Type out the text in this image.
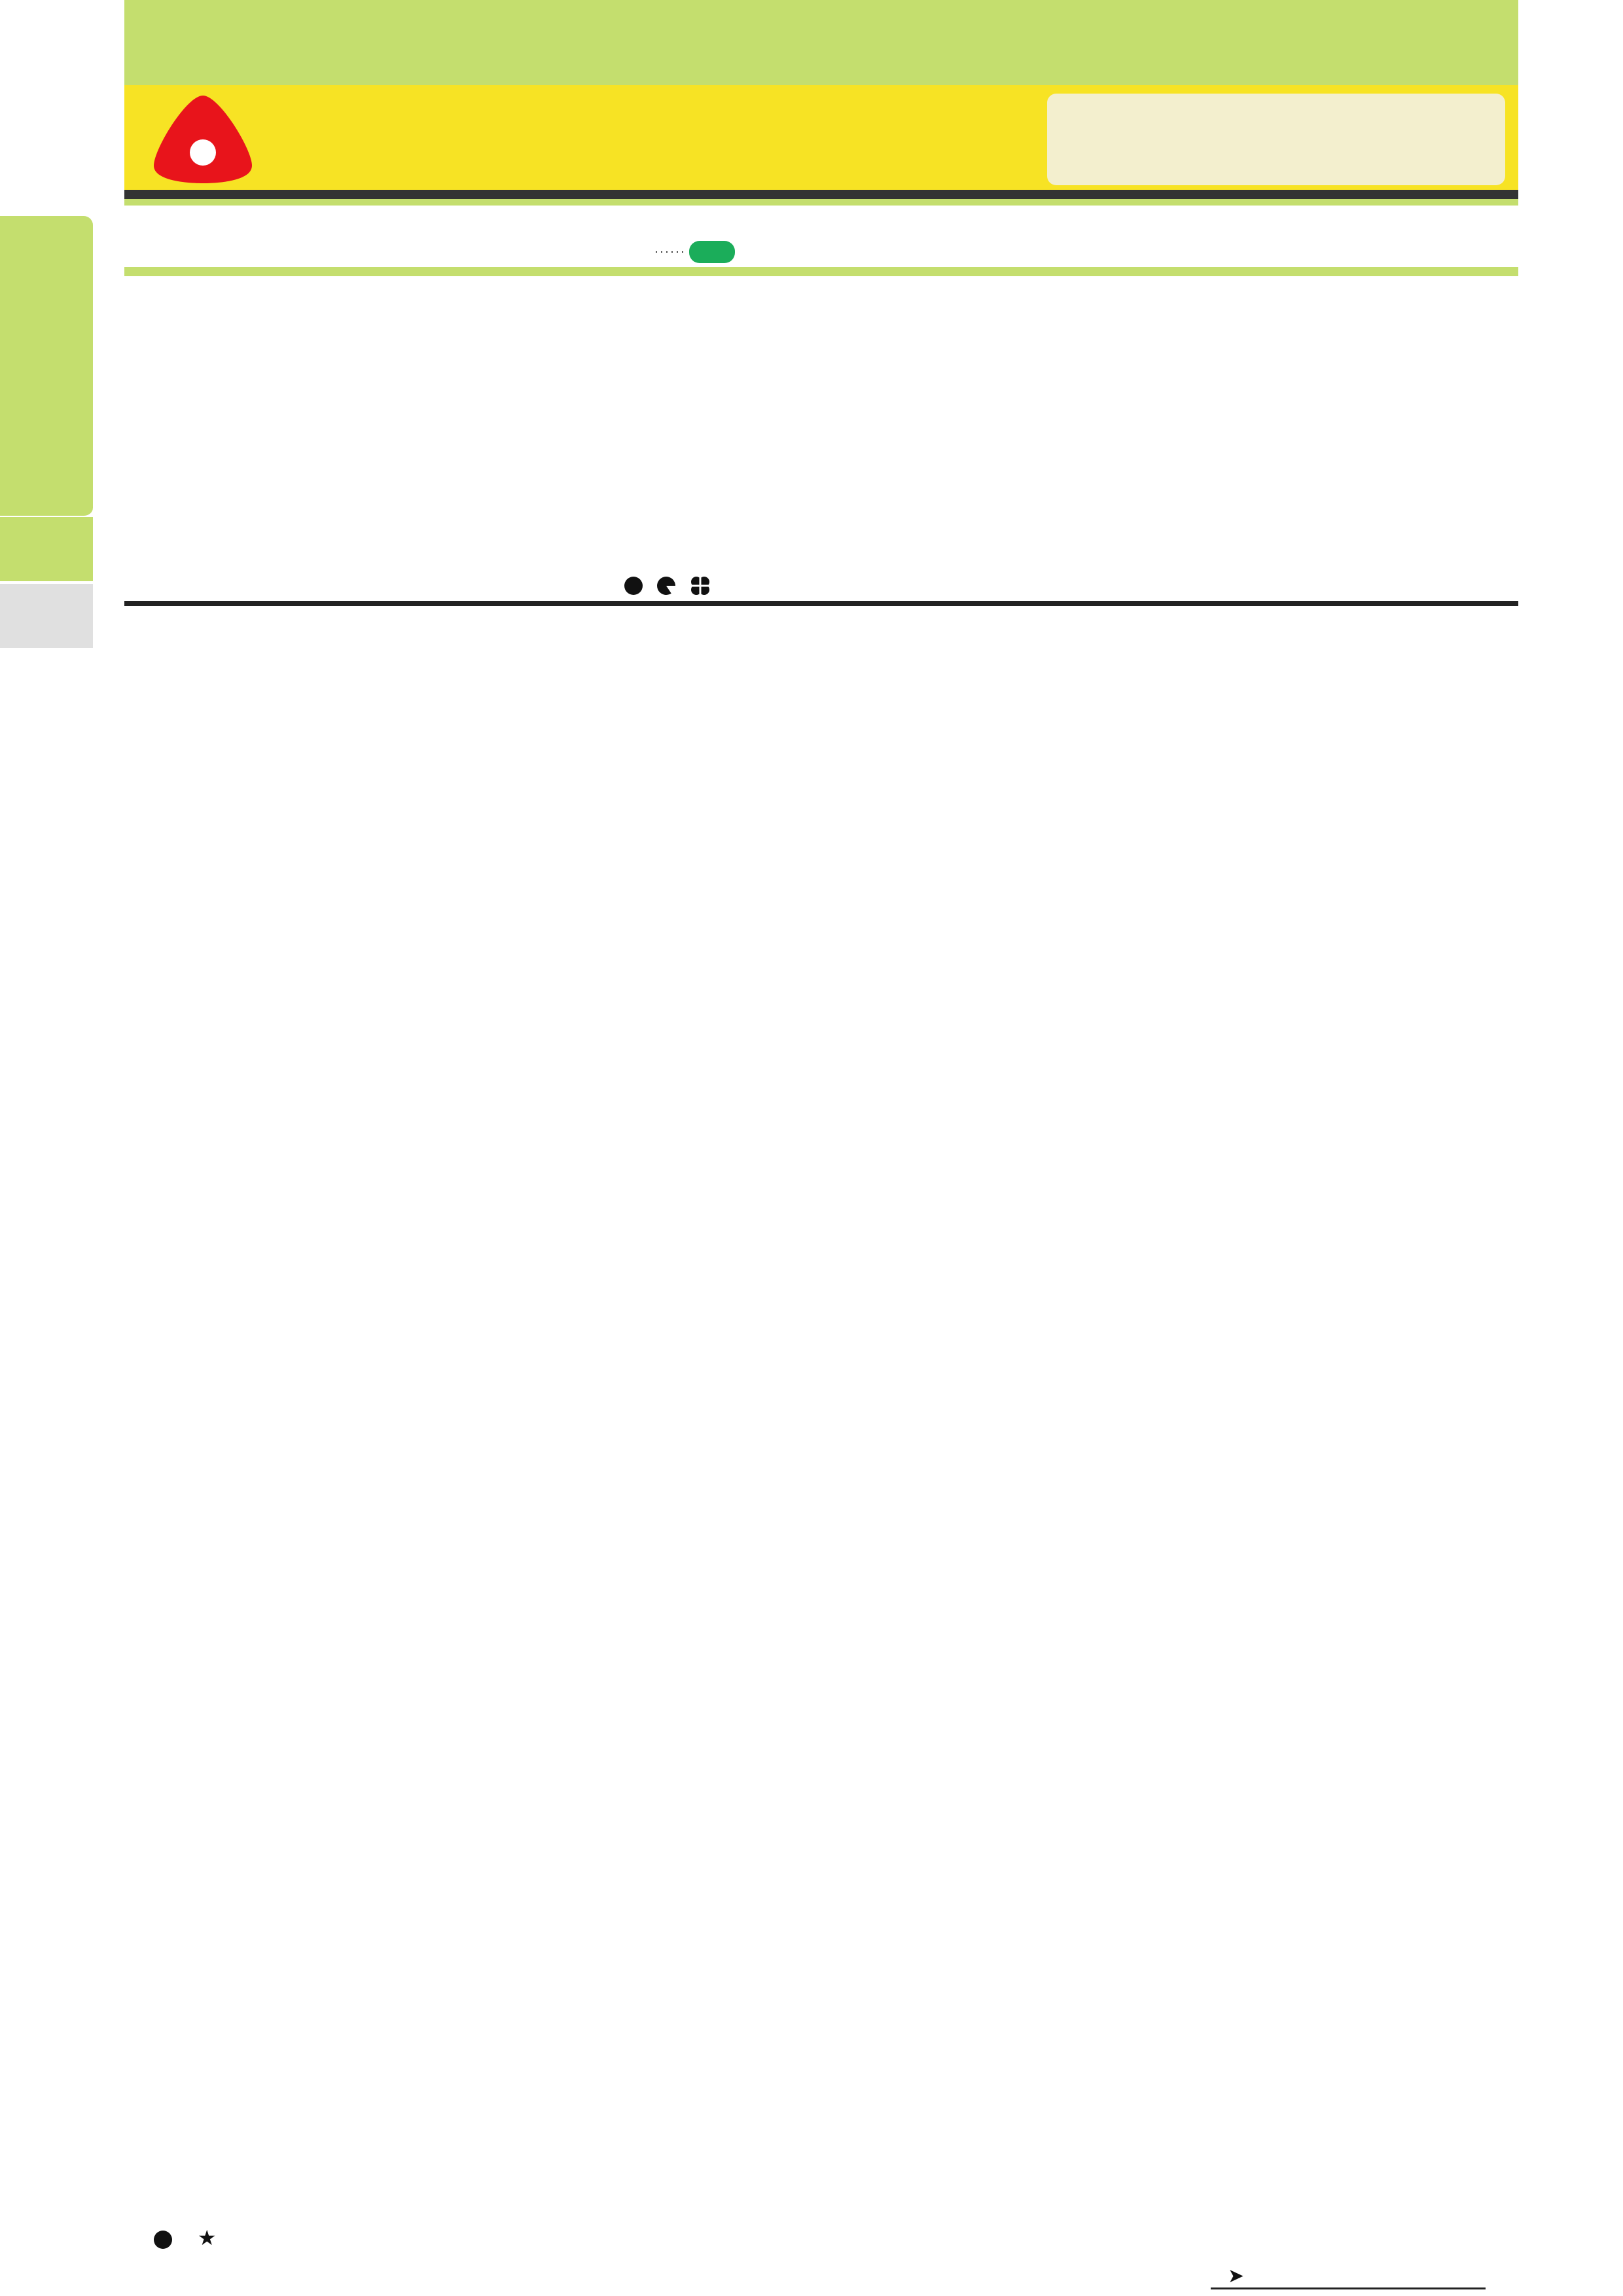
······

★
➤
